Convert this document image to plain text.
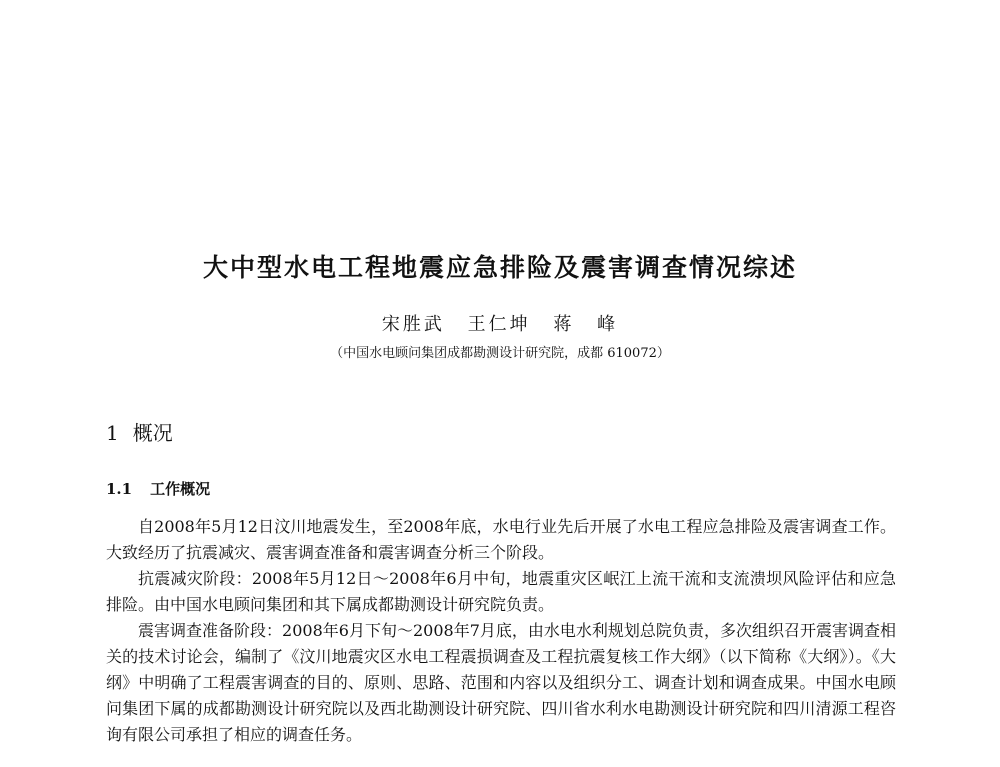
大中型水电工程地震应急排险及震害调查情况综述
宋胜武 王仁坤 蒋 峰
（中国水电顾问集团成都勘测设计研究院，成都 610072）
1 概况
1.1 工作概况

自2008年5月12日汶川地震发生，至2008年底，水电行业先后开展了水电工程应急排险及震害调查工作。大致经历了抗震减灾、震害调查准备和震害调查分析三个阶段。

抗震减灾阶段：2008年5月12日～2008年6月中旬，地震重灾区岷江上流干流和支流溃坝风险评估和应急排险。由中国水电顾问集团和其下属成都勘测设计研究院负责。

震害调查准备阶段：2008年6月下旬～2008年7月底，由水电水利规划总院负责，多次组织召开震害调查相关的技术讨论会，编制了《汶川地震灾区水电工程震损调查及工程抗震复核工作大纲》（以下简称《大纲》）。《大纲》中明确了工程震害调查的目的、原则、思路、范围和内容以及组织分工、调查计划和调查成果。中国水电顾问集团下属的成都勘测设计研究院以及西北勘测设计研究院、四川省水利水电勘测设计研究院和四川清源工程咨询有限公司承担了相应的调查任务。
